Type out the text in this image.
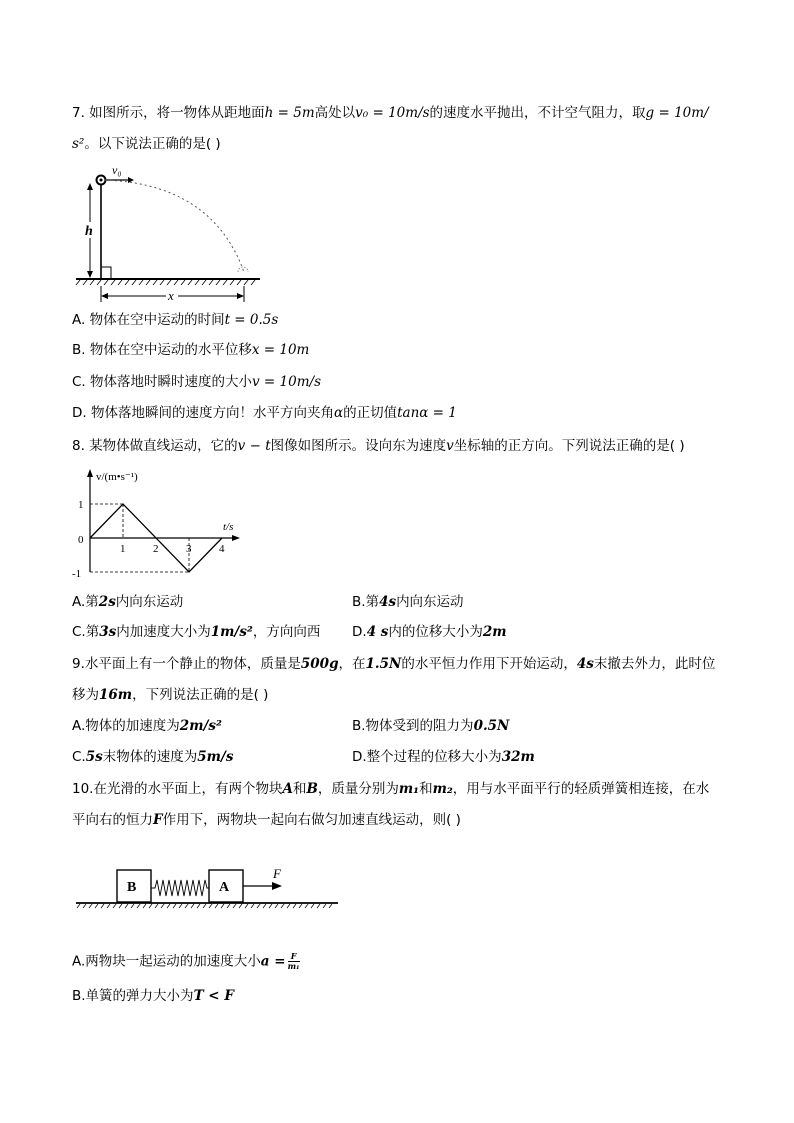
7. 如图所示，将一物体从距地面h = 5m高处以v₀ = 10m/s的速度水平抛出，不计空气阻力，取g = 10m/
s²。以下说法正确的是( )
v₀
h
x
A. 物体在空中运动的时间t = 0.5s
B. 物体在空中运动的水平位移x = 10m
C. 物体落地时瞬时速度的大小v = 10m/s
D. 物体落地瞬间的速度方向！水平方向夹角α的正切值tanα = 1
8. 某物体做直线运动，它的v − t图像如图所示。设向东为速度v坐标轴的正方向。下列说法正确的是( )
v/(m•s⁻¹)
t/s
0
1	2	3	4
1
-1
A.第2s内向东运动	B.第4s内向东运动
C.第3s内加速度大小为1m/s²，方向向西 D.4 s内的位移大小为2m
9.水平面上有一个静止的物体，质量是500g，在1.5N的水平恒力作用下开始运动，4s末撤去外力，此时位
移为16m，下列说法正确的是( )
A.物体的加速度为2m/s²	B.物体受到的阻力为0.5N
C.5s末物体的速度为5m/s	D.整个过程的位移大小为32m
10.在光滑的水平面上，有两个物块A和B，质量分别为m₁和m₂，用与水平面平行的轻质弹簧相连接，在水
平向右的恒力F作用下，两物块一起向右做匀加速直线运动，则( )
B	A
F
A.两物块一起运动的加速度大小$a = \frac{F}{\text{m₁}}$
B.单簧的弹力大小为T < F
